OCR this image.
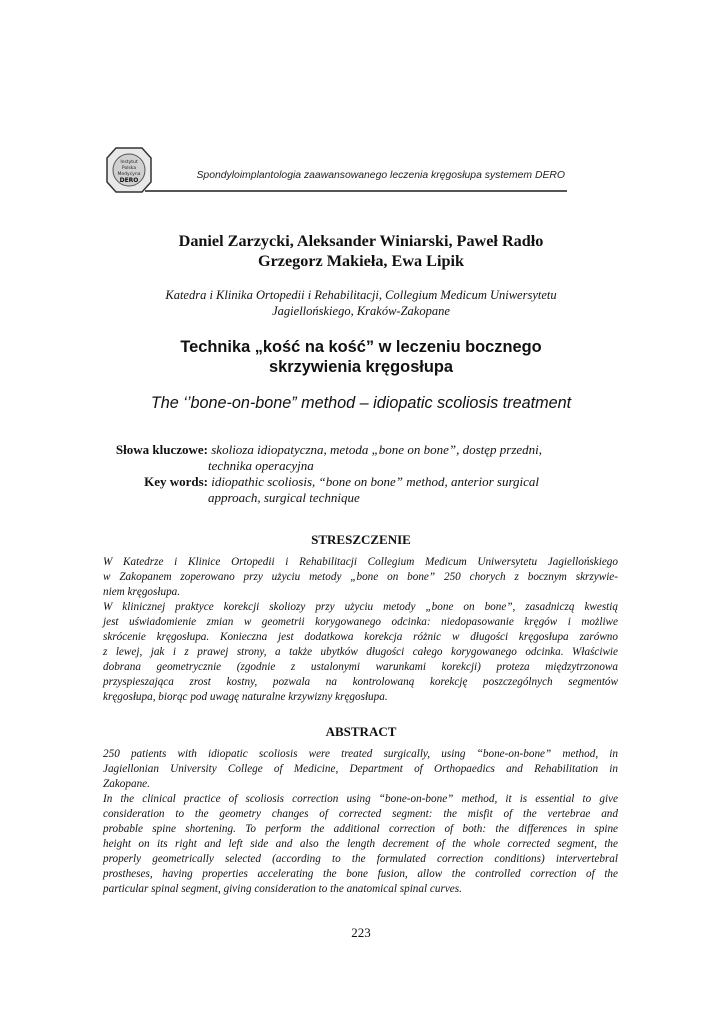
Instytut
Polska
Medycyna
DERO	Spondyloimplantologia zaawansowanego leczenia kręgosłupa systemem DERO
Daniel Zarzycki, Aleksander Winiarski, Paweł Radło
Grzegorz Makieła, Ewa Lipik
Katedra i Klinika Ortopedii i Rehabilitacji, Collegium Medicum Uniwersytetu
Jagiellońskiego, Kraków-Zakopane
Technika „kość na kość” w leczeniu bocznego
skrzywienia kręgosłupa
The ‘’bone-on-bone” method – idiopatic scoliosis treatment
Słowa kluczowe: skolioza idiopatyczna, metoda „bone on bone”, dostęp przedni,
technika operacyjna
Key words: idiopathic scoliosis, “bone on bone” method, anterior surgical
approach, surgical technique
STRESZCZENIE
W Katedrze i Klinice Ortopedii i Rehabilitacji Collegium Medicum Uniwersytetu Jagiellońskiego
w Zakopanem zoperowano przy użyciu metody „bone on bone” 250 chorych z bocznym skrzywie-
niem kręgosłupa.
W klinicznej praktyce korekcji skoliozy przy użyciu metody „bone on bone”, zasadniczą kwestią
jest uświadomienie zmian w geometrii korygowanego odcinka: niedopasowanie kręgów i możliwe
skrócenie kręgosłupa. Konieczna jest dodatkowa korekcja różnic w długości kręgosłupa zarówno
z lewej, jak i z prawej strony, a także ubytków długości całego korygowanego odcinka. Właściwie
dobrana geometrycznie (zgodnie z ustalonymi warunkami korekcji) proteza międzytrzonowa
przyspieszająca zrost kostny, pozwala na kontrolowaną korekcję poszczególnych segmentów
kręgosłupa, biorąc pod uwagę naturalne krzywizny kręgosłupa.
ABSTRACT
250 patients with idiopatic scoliosis were treated surgically, using “bone-on-bone” method, in
Jagiellonian University College of Medicine, Department of Orthopaedics and Rehabilitation in
Zakopane.
In the clinical practice of scoliosis correction using “bone-on-bone” method, it is essential to give
consideration to the geometry changes of corrected segment: the misfit of the vertebrae and
probable spine shortening. To perform the additional correction of both: the differences in spine
height on its right and left side and also the length decrement of the whole corrected segment, the
properly geometrically selected (according to the formulated correction conditions) intervertebral
prostheses, having properties accelerating the bone fusion, allow the controlled correction of the
particular spinal segment, giving consideration to the anatomical spinal curves.
223
